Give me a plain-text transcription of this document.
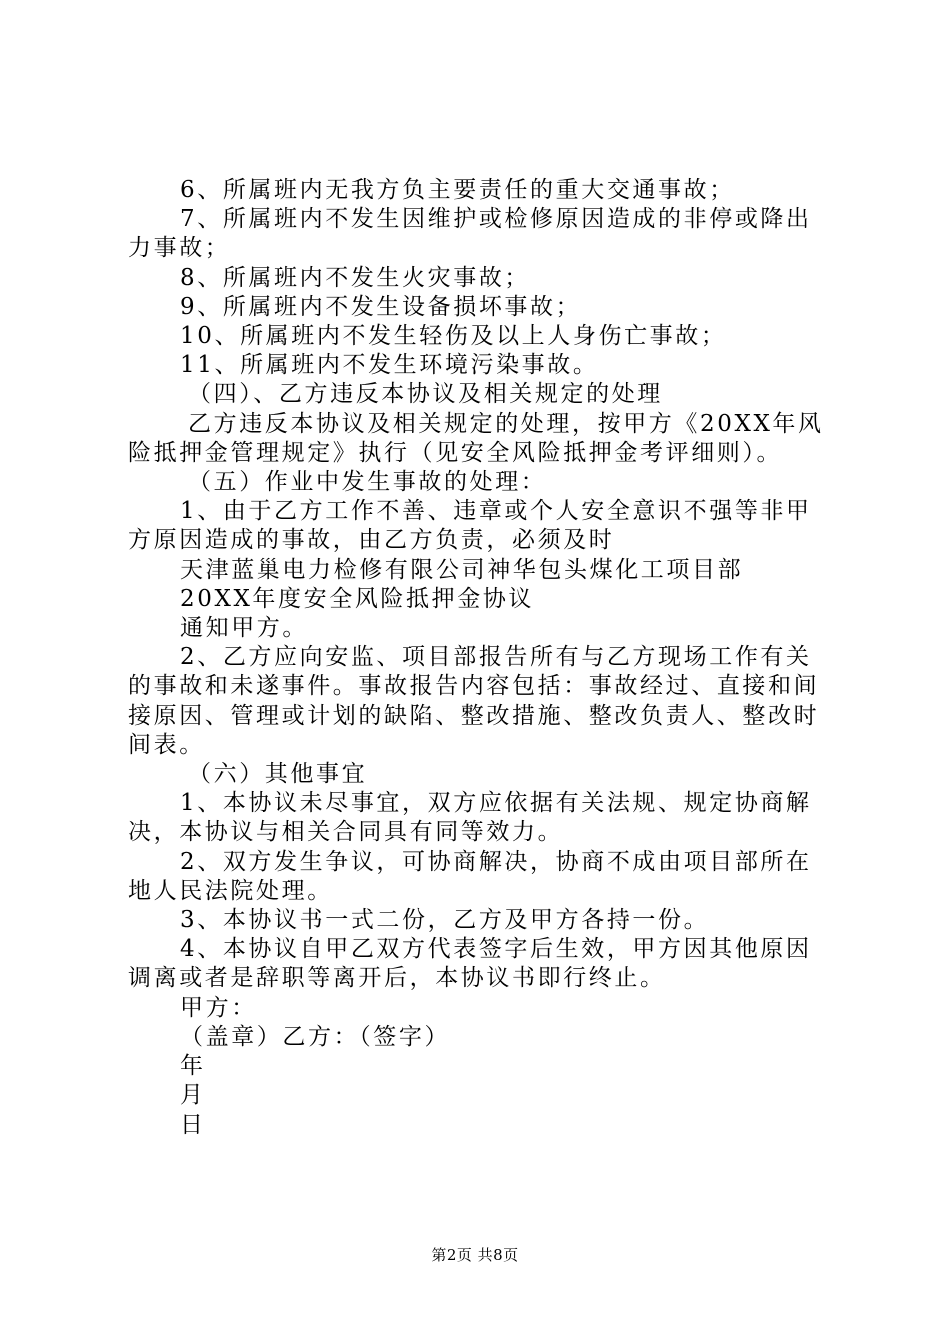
6、所属班内无我方负主要责任的重大交通事故；

7、所属班内不发生因维护或检修原因造成的非停或降出力事故；

8、所属班内不发生火灾事故；

9、所属班内不发生设备损坏事故；

10、所属班内不发生轻伤及以上人身伤亡事故；

11、所属班内不发生环境污染事故。

（四）、乙方违反本协议及相关规定的处理

乙方违反本协议及相关规定的处理，按甲方《20XX年风险抵押金管理规定》执行（见安全风险抵押金考评细则）。

（五）作业中发生事故的处理：

1、由于乙方工作不善、违章或个人安全意识不强等非甲方原因造成的事故，由乙方负责，必须及时

天津蓝巢电力检修有限公司神华包头煤化工项目部

20XX年度安全风险抵押金协议

通知甲方。

2、乙方应向安监、项目部报告所有与乙方现场工作有关的事故和未遂事件。事故报告内容包括：事故经过、直接和间接原因、管理或计划的缺陷、整改措施、整改负责人、整改时间表。

（六）其他事宜

1、本协议未尽事宜，双方应依据有关法规、规定协商解决，本协议与相关合同具有同等效力。

2、双方发生争议，可协商解决，协商不成由项目部所在地人民法院处理。

3、本协议书一式二份，乙方及甲方各持一份。

4、本协议自甲乙双方代表签字后生效，甲方因其他原因调离或者是辞职等离开后，本协议书即行终止。

甲方：

（盖章）乙方：（签字）

年

月

日

第2页 共8页
